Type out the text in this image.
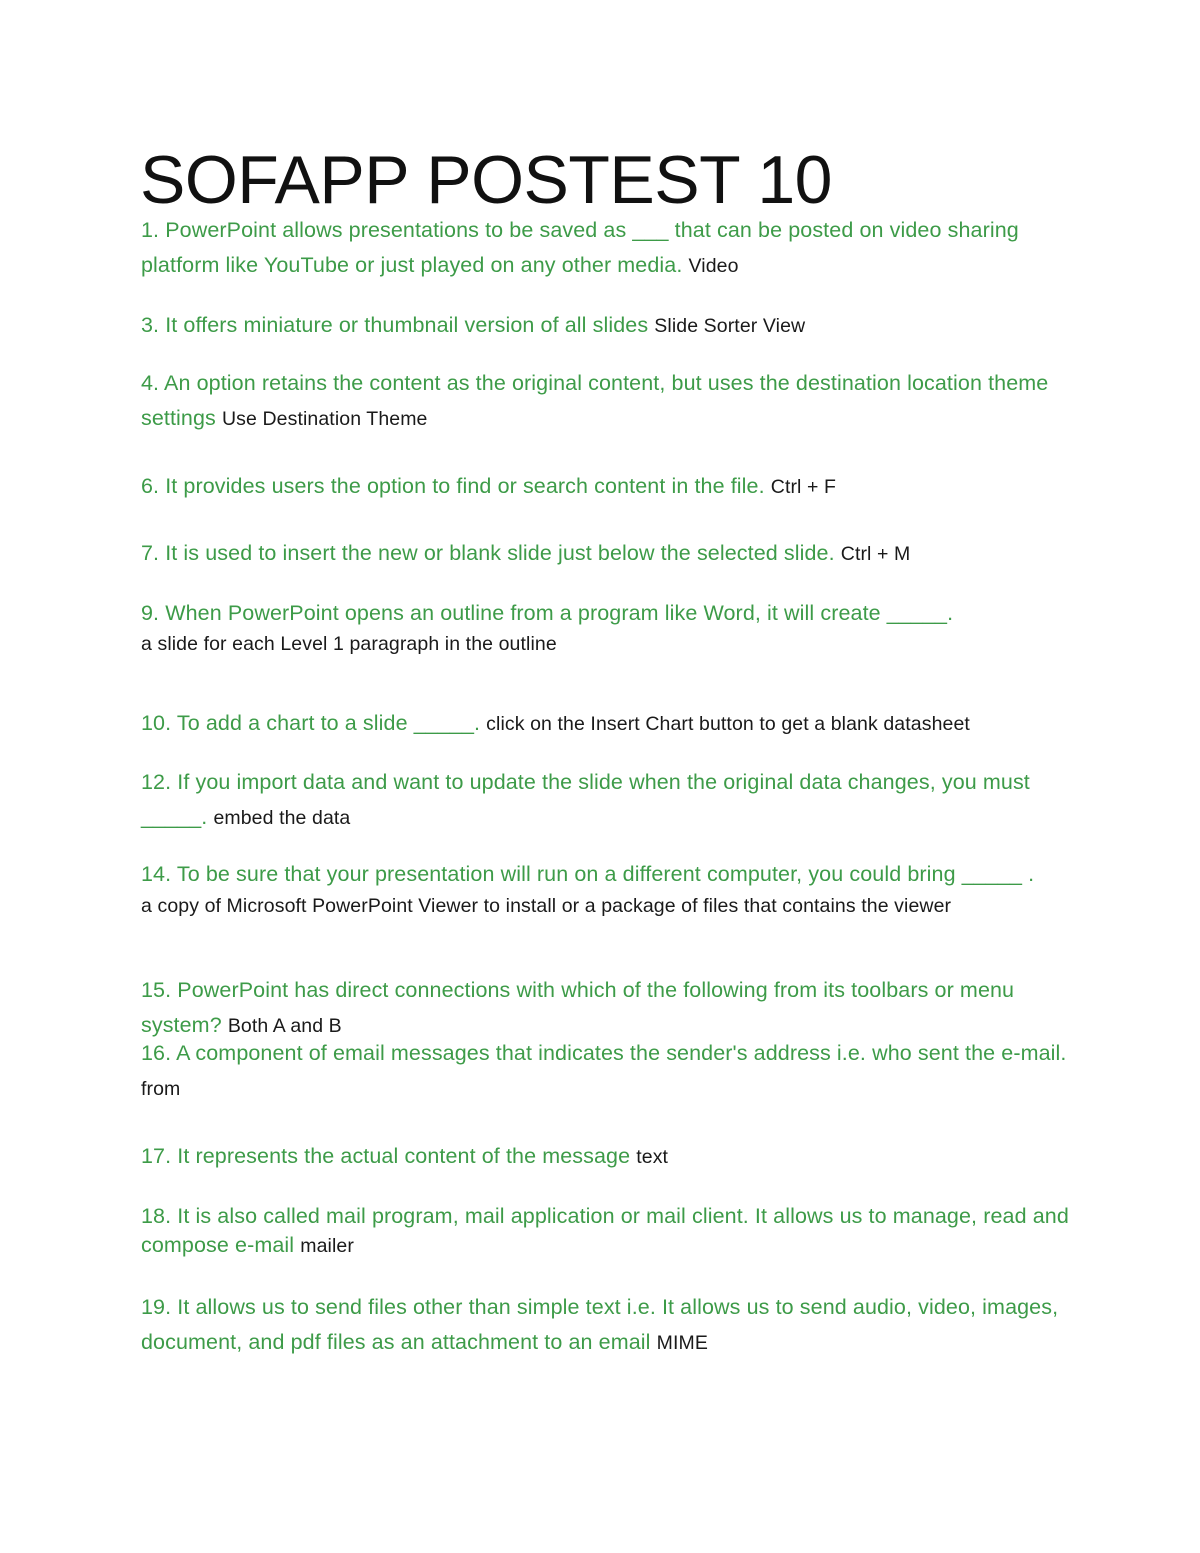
SOFAPP POSTEST 10
1. PowerPoint allows presentations to be saved as ___ that can be posted on video sharing platform like YouTube or just played on any other media. Video
3. It offers miniature or thumbnail version of all slides Slide Sorter View
4. An option retains the content as the original content, but uses the destination location theme settings Use Destination Theme
6. It provides users the option to find or search content in the file. Ctrl + F
7. It is used to insert the new or blank slide just below the selected slide. Ctrl + M
9. When PowerPoint opens an outline from a program like Word, it will create _____.
a slide for each Level 1 paragraph in the outline
10. To add a chart to a slide _____. click on the Insert Chart button to get a blank datasheet
12. If you import data and want to update the slide when the original data changes, you must _____. embed the data
14. To be sure that your presentation will run on a different computer, you could bring _____ .
a copy of Microsoft PowerPoint Viewer to install or a package of files that contains the viewer
15. PowerPoint has direct connections with which of the following from its toolbars or menu system? Both A and B
16. A component of email messages that indicates the sender's address i.e. who sent the e-mail. from
17. It represents the actual content of the message text
18. It is also called mail program, mail application or mail client. It allows us to manage, read and compose e-mail mailer
19. It allows us to send files other than simple text i.e. It allows us to send audio, video, images, document, and pdf files as an attachment to an email MIME
